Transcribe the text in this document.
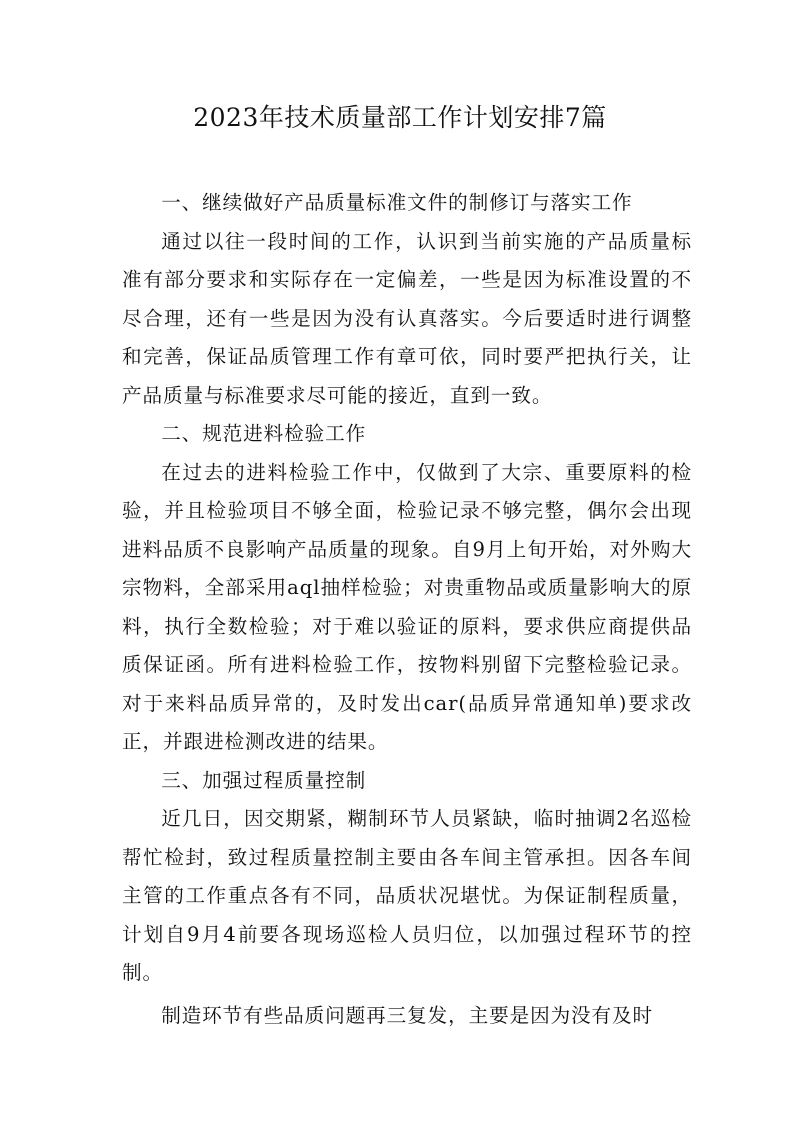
2023年技术质量部工作计划安排7篇

一、继续做好产品质量标准文件的制修订与落实工作

通过以往一段时间的工作，认识到当前实施的产品质量标准有部分要求和实际存在一定偏差，一些是因为标准设置的不尽合理，还有一些是因为没有认真落实。今后要适时进行调整和完善，保证品质管理工作有章可依，同时要严把执行关，让产品质量与标准要求尽可能的接近，直到一致。

二、规范进料检验工作

在过去的进料检验工作中，仅做到了大宗、重要原料的检验，并且检验项目不够全面，检验记录不够完整，偶尔会出现进料品质不良影响产品质量的现象。自9月上旬开始，对外购大宗物料，全部采用aql抽样检验；对贵重物品或质量影响大的原料，执行全数检验；对于难以验证的原料，要求供应商提供品质保证函。所有进料检验工作，按物料别留下完整检验记录。对于来料品质异常的，及时发出car(品质异常通知单)要求改正，并跟进检测改进的结果。

三、加强过程质量控制

近几日，因交期紧，糊制环节人员紧缺，临时抽调2名巡检帮忙检封，致过程质量控制主要由各车间主管承担。因各车间主管的工作重点各有不同，品质状况堪忧。为保证制程质量，计划自9月4前要各现场巡检人员归位，以加强过程环节的控制。

制造环节有些品质问题再三复发，主要是因为没有及时
